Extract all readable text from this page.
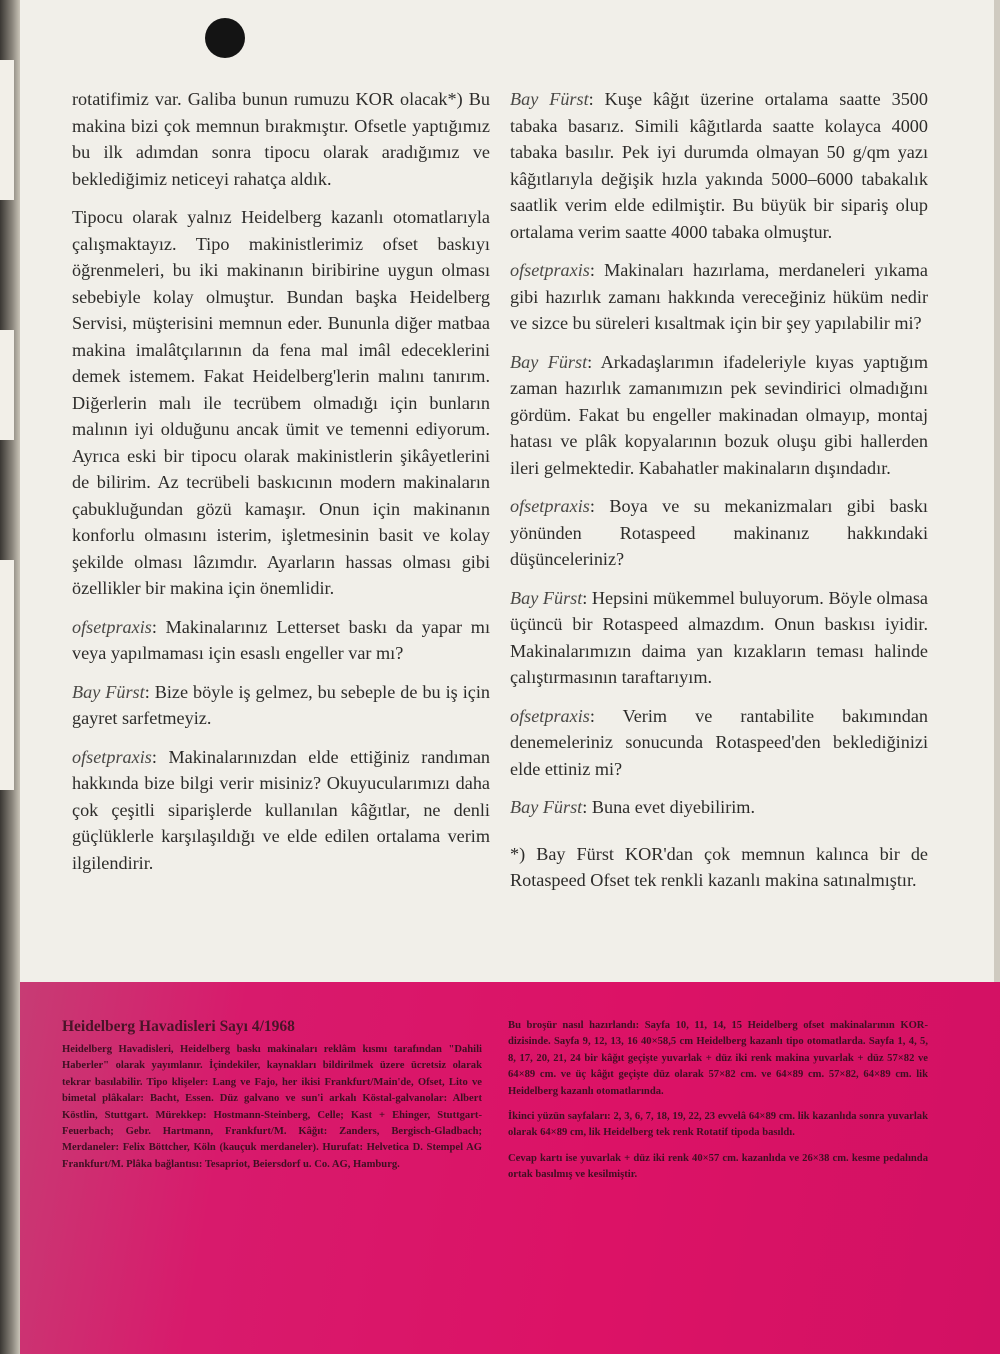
rotatifimiz var. Galiba bunun rumuzu KOR olacak*) Bu makina bizi çok memnun bırakmıştır. Ofsetle yaptığımız bu ilk adımdan sonra tipocu olarak aradığımız ve beklediğimiz neticeyi rahatça aldık.

Tipocu olarak yalnız Heidelberg kazanlı otomatlarıyla çalışmaktayız. Tipo makinistlerimiz ofset baskıyı öğrenmeleri, bu iki makinanın biribirine uygun olması sebebiyle kolay olmuştur. Bundan başka Heidelberg Servisi, müşterisini memnun eder. Bununla diğer matbaa makina imalâtçılarının da fena mal imâl edeceklerini demek istemem. Fakat Heidelberg'lerin malını tanırım. Diğerlerin malı ile tecrübem olmadığı için bunların malının iyi olduğunu ancak ümit ve temenni ediyorum. Ayrıca eski bir tipocu olarak makinistlerin şikâyetlerini de bilirim. Az tecrübeli baskıcının modern makinaların çabukluğundan gözü kamaşır. Onun için makinanın konforlu olmasını isterim, işletmesinin basit ve kolay şekilde olması lâzımdır. Ayarların hassas olması gibi özellikler bir makina için önemlidir.

ofsetpraxis: Makinalarınız Letterset baskı da yapar mı veya yapılmaması için esaslı engeller var mı?

Bay Fürst: Bize böyle iş gelmez, bu sebeple de bu iş için gayret sarfetmeyiz.

ofsetpraxis: Makinalarınızdan elde ettiğiniz randıman hakkında bize bilgi verir misiniz? Okuyucularımızı daha çok çeşitli siparişlerde kullanılan kâğıtlar, ne denli güçlüklerle karşılaşıldığı ve elde edilen ortalama verim ilgilendirir.

Bay Fürst: Kuşe kâğıt üzerine ortalama saatte 3500 tabaka basarız. Simili kâğıtlarda saatte kolayca 4000 tabaka basılır. Pek iyi durumda olmayan 50 g/qm yazı kâğıtlarıyla değişik hızla yakında 5000–6000 tabakalık saatlik verim elde edilmiştir. Bu büyük bir sipariş olup ortalama verim saatte 4000 tabaka olmuştur.

ofsetpraxis: Makinaları hazırlama, merdaneleri yıkama gibi hazırlık zamanı hakkında vereceğiniz hüküm nedir ve sizce bu süreleri kısaltmak için bir şey yapılabilir mi?

Bay Fürst: Arkadaşlarımın ifadeleriyle kıyas yaptığım zaman hazırlık zamanımızın pek sevindirici olmadığını gördüm. Fakat bu engeller makinadan olmayıp, montaj hatası ve plâk kopyalarının bozuk oluşu gibi hallerden ileri gelmektedir. Kabahatler makinaların dışındadır.

ofsetpraxis: Boya ve su mekanizmaları gibi baskı yönünden Rotaspeed makinanız hakkındaki düşünceleriniz?

Bay Fürst: Hepsini mükemmel buluyorum. Böyle olmasa üçüncü bir Rotaspeed almazdım. Onun baskısı iyidir. Makinalarımızın daima yan kızakların teması halinde çalıştırmasının taraftarıyım.

ofsetpraxis: Verim ve rantabilite bakımından denemeleriniz sonucunda Rotaspeed'den beklediğinizi elde ettiniz mi?

Bay Fürst: Buna evet diyebilirim.

*) Bay Fürst KOR'dan çok memnun kalınca bir de Rotaspeed Ofset tek renkli kazanlı makina satınalmıştır.

Heidelberg Havadisleri Sayı 4/1968

Heidelberg Havadisleri, Heidelberg baskı makinaları reklâm kısmı tarafından "Dahili Haberler" olarak yayımlanır. İçindekiler, kaynakları bildirilmek üzere ücretsiz olarak tekrar basılabilir. Tipo klişeler: Lang ve Fajo, her ikisi Frankfurt/Main'de, Ofset, Lito ve bimetal plâkalar: Bacht, Essen. Düz galvano ve sun'i arkalı Köstal-galvanolar: Albert Köstlin, Stuttgart. Mürekkep: Hostmann-Steinberg, Celle; Kast + Ehinger, Stuttgart-Feuerbach; Gebr. Hartmann, Frankfurt/M. Kâğıt: Zanders, Bergisch-Gladbach; Merdaneler: Felix Böttcher, Köln (kauçuk merdaneler). Hurufat: Helvetica D. Stempel AG Frankfurt/M. Plâka bağlantısı: Tesapriot, Beiersdorf u. Co. AG, Hamburg.

Bu broşür nasıl hazırlandı: Sayfa 10, 11, 14, 15 Heidelberg ofset makinalarının KOR-dizisinde. Sayfa 9, 12, 13, 16 40×58,5 cm Heidelberg kazanlı tipo otomatlarda. Sayfa 1, 4, 5, 8, 17, 20, 21, 24 bir kâğıt geçişte yuvarlak + düz iki renk makina yuvarlak + düz 57×82 ve 64×89 cm. ve üç kâğıt geçişte düz olarak 57×82 cm. ve 64×89 cm. 57×82, 64×89 cm. lik Heidelberg kazanlı otomatlarında.

İkinci yüzün sayfaları: 2, 3, 6, 7, 18, 19, 22, 23 evvelâ 64×89 cm. lik kazanlıda sonra yuvarlak olarak 64×89 cm, lik Heidelberg tek renk Rotatif tipoda basıldı.

Cevap kartı ise yuvarlak + düz iki renk 40×57 cm. kazanlıda ve 26×38 cm. kesme pedalında ortak basılmış ve kesilmiştir.
